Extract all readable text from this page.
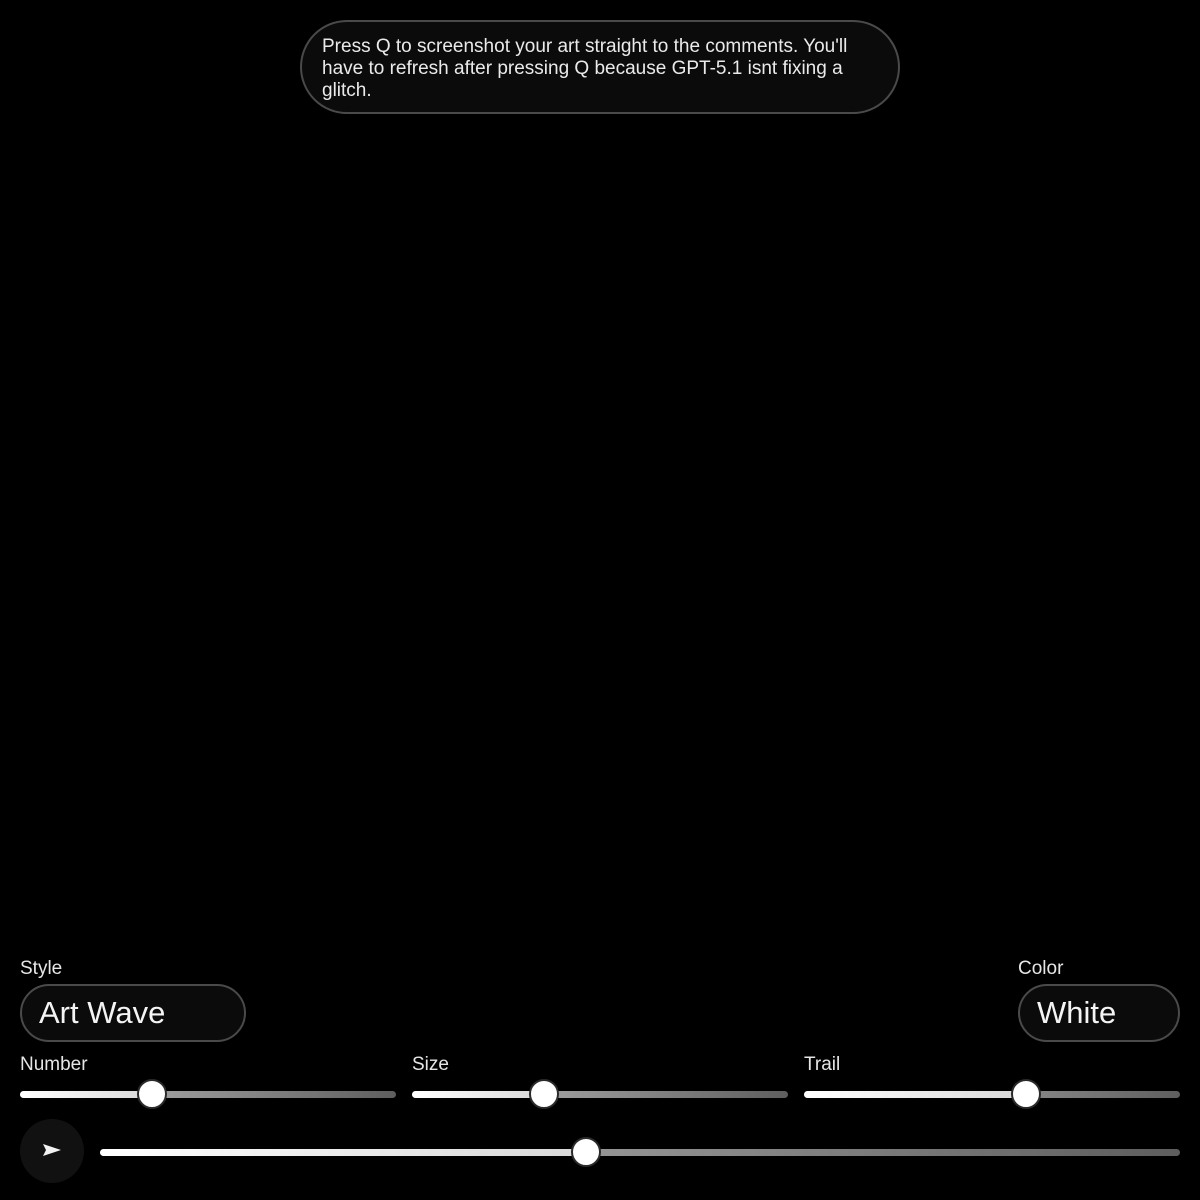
Press Q to screenshot your art straight to the comments. You'll have to refresh after pressing Q because GPT-5.1 isnt fixing a glitch.
Style
Art Wave
Color
White
Number	Size	Trail
